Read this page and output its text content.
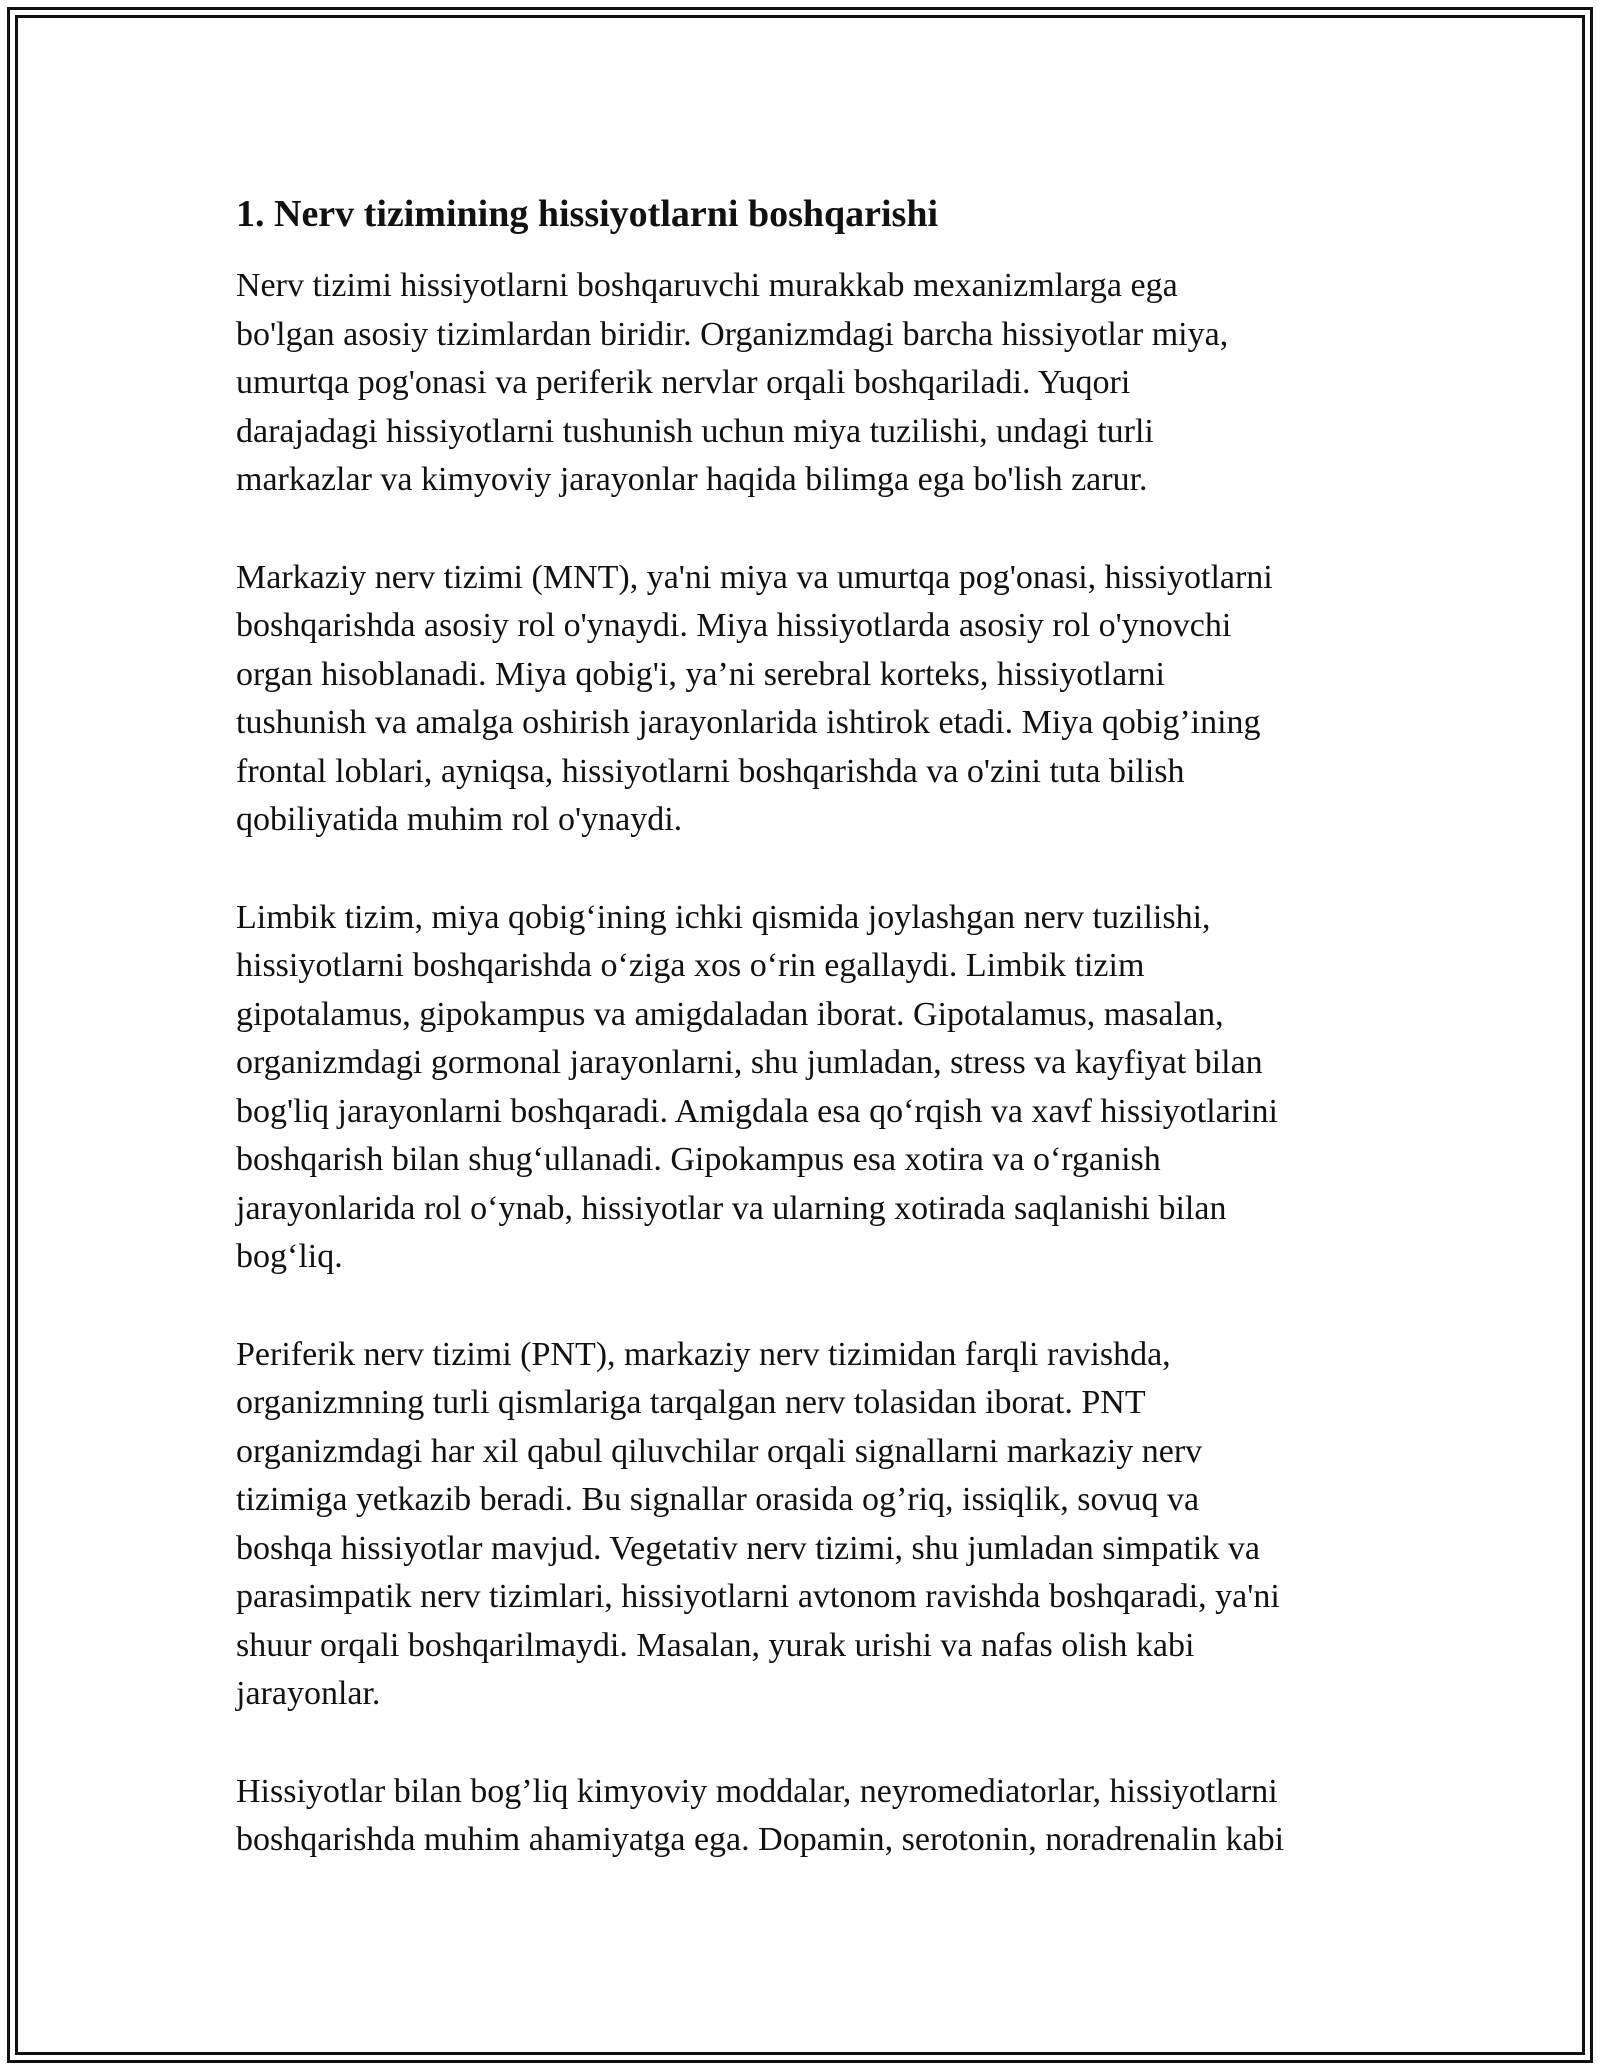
1. Nerv tizimining hissiyotlarni boshqarishi

Nerv tizimi hissiyotlarni boshqaruvchi murakkab mexanizmlarga ega
bo'lgan asosiy tizimlardan biridir. Organizmdagi barcha hissiyotlar miya,
umurtqa pog'onasi va periferik nervlar orqali boshqariladi. Yuqori
darajadagi hissiyotlarni tushunish uchun miya tuzilishi, undagi turli
markazlar va kimyoviy jarayonlar haqida bilimga ega bo'lish zarur.

Markaziy nerv tizimi (MNT), ya'ni miya va umurtqa pog'onasi, hissiyotlarni
boshqarishda asosiy rol o'ynaydi. Miya hissiyotlarda asosiy rol o'ynovchi
organ hisoblanadi. Miya qobig'i, ya’ni serebral korteks, hissiyotlarni
tushunish va amalga oshirish jarayonlarida ishtirok etadi. Miya qobig’ining
frontal loblari, ayniqsa, hissiyotlarni boshqarishda va o'zini tuta bilish
qobiliyatida muhim rol o'ynaydi.

Limbik tizim, miya qobig‘ining ichki qismida joylashgan nerv tuzilishi,
hissiyotlarni boshqarishda o‘ziga xos o‘rin egallaydi. Limbik tizim
gipotalamus, gipokampus va amigdaladan iborat. Gipotalamus, masalan,
organizmdagi gormonal jarayonlarni, shu jumladan, stress va kayfiyat bilan
bog'liq jarayonlarni boshqaradi. Amigdala esa qo‘rqish va xavf hissiyotlarini
boshqarish bilan shug‘ullanadi. Gipokampus esa xotira va o‘rganish
jarayonlarida rol o‘ynab, hissiyotlar va ularning xotirada saqlanishi bilan
bog‘liq.

Periferik nerv tizimi (PNT), markaziy nerv tizimidan farqli ravishda,
organizmning turli qismlariga tarqalgan nerv tolasidan iborat. PNT
organizmdagi har xil qabul qiluvchilar orqali signallarni markaziy nerv
tizimiga yetkazib beradi. Bu signallar orasida og’riq, issiqlik, sovuq va
boshqa hissiyotlar mavjud. Vegetativ nerv tizimi, shu jumladan simpatik va
parasimpatik nerv tizimlari, hissiyotlarni avtonom ravishda boshqaradi, ya'ni
shuur orqali boshqarilmaydi. Masalan, yurak urishi va nafas olish kabi
jarayonlar.

Hissiyotlar bilan bog’liq kimyoviy moddalar, neyromediatorlar, hissiyotlarni
boshqarishda muhim ahamiyatga ega. Dopamin, serotonin, noradrenalin kabi
